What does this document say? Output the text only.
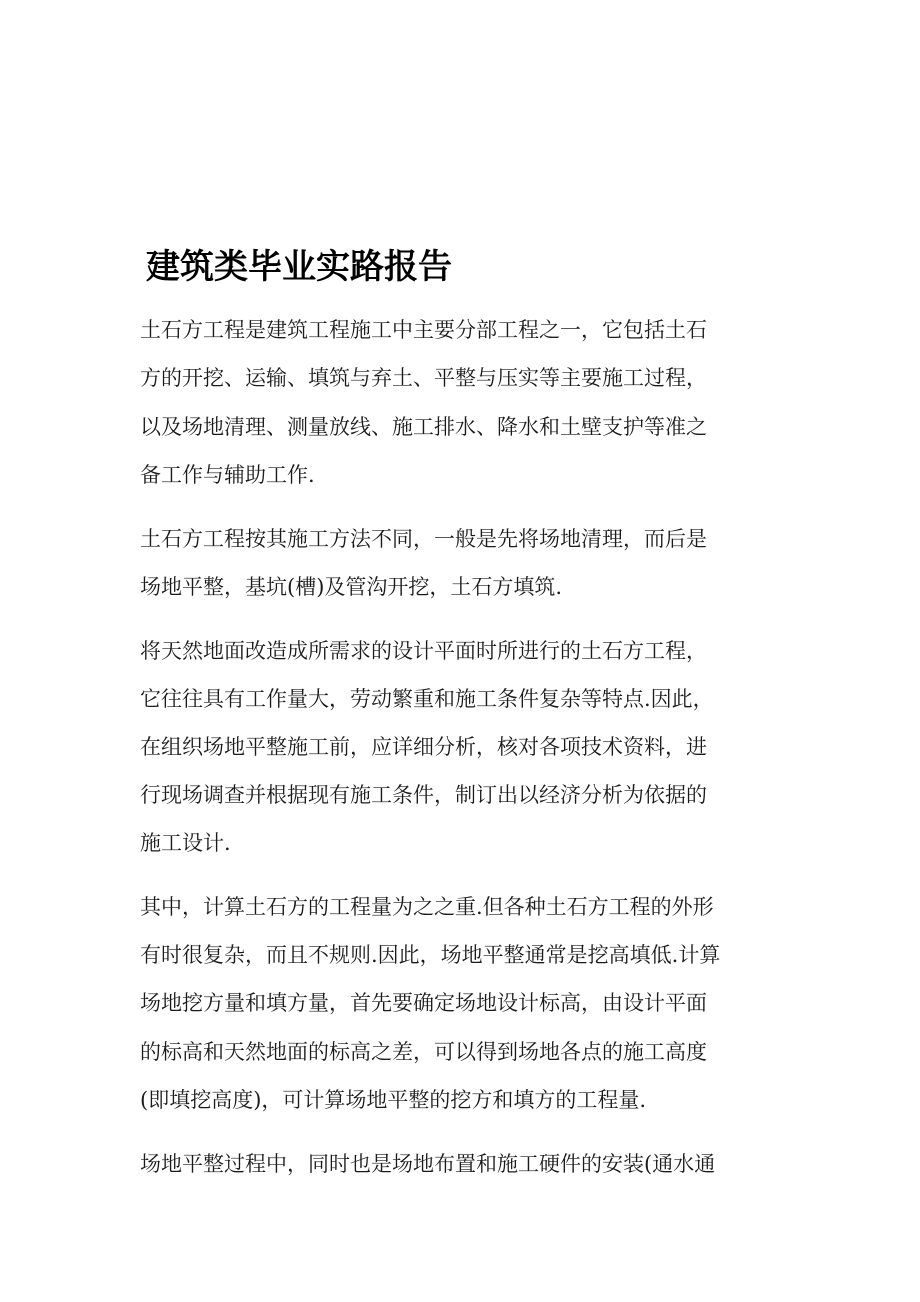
建筑类毕业实路报告

土石方工程是建筑工程施工中主要分部工程之一，它包括土石

方的开挖、运输、填筑与弃土、平整与压实等主要施工过程，

以及场地清理、测量放线、施工排水、降水和土壁支护等准之

备工作与辅助工作.

土石方工程按其施工方法不同，一般是先将场地清理，而后是

场地平整，基坑(槽)及管沟开挖，土石方填筑.

将天然地面改造成所需求的设计平面时所进行的土石方工程，

它往往具有工作量大，劳动繁重和施工条件复杂等特点.因此，

在组织场地平整施工前，应详细分析，核对各项技术资料，进

行现场调查并根据现有施工条件，制订出以经济分析为依据的

施工设计.

其中，计算土石方的工程量为之之重.但各种土石方工程的外形

有时很复杂，而且不规则.因此，场地平整通常是挖高填低.计算

场地挖方量和填方量，首先要确定场地设计标高，由设计平面

的标高和天然地面的标高之差，可以得到场地各点的施工高度

(即填挖高度)，可计算场地平整的挖方和填方的工程量.

场地平整过程中，同时也是场地布置和施工硬件的安装(通水通
